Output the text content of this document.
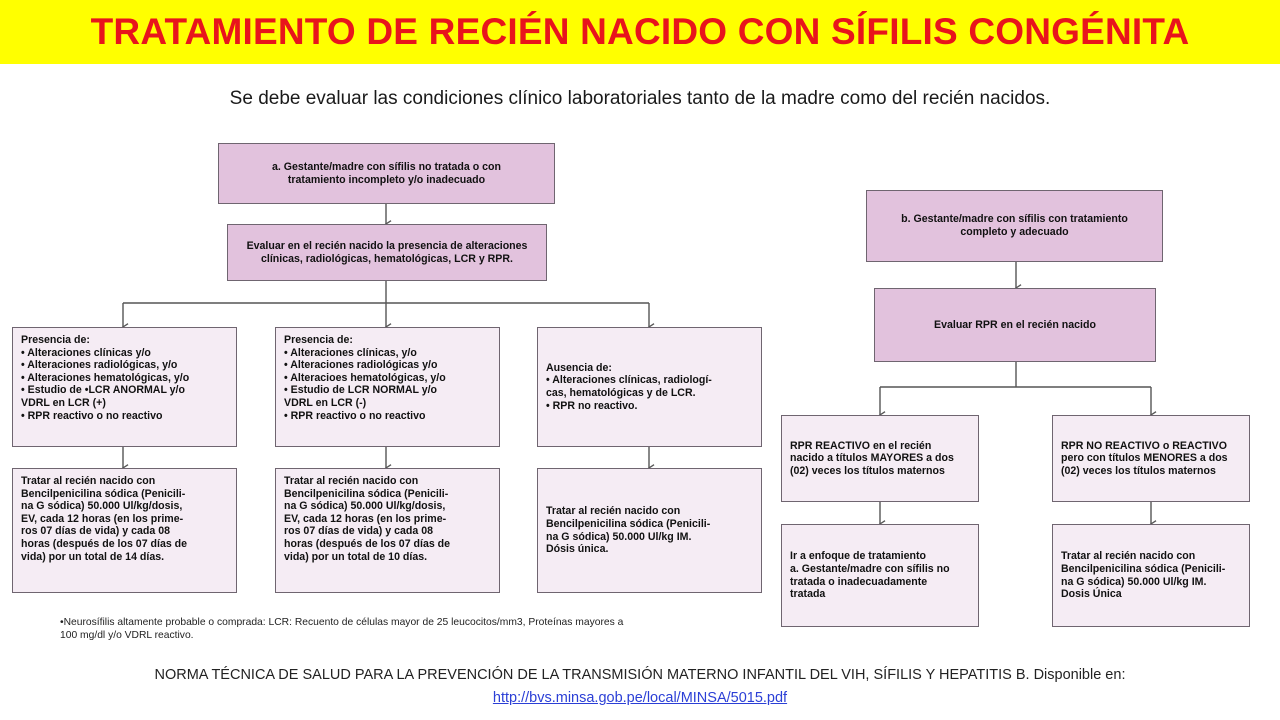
TRATAMIENTO DE RECIÉN NACIDO CON SÍFILIS CONGÉNITA
Se debe evaluar las condiciones clínico laboratoriales tanto de la madre como del recién nacidos.
a. Gestante/madre con sífilis no tratada o con
tratamiento incompleto y/o inadecuado
Evaluar en el recién nacido la presencia de alteraciones
clínicas, radiológicas, hematológicas, LCR y RPR.
Presencia de:
• Alteraciones clínicas y/o
• Alteraciones radiológicas, y/o
• Alteraciones hematológicas, y/o
• Estudio de •LCR ANORMAL y/o
VDRL en LCR (+)
• RPR reactivo o no reactivo
Presencia de:
• Alteraciones clínicas, y/o
• Alteraciones radiológicas y/o
• Alteracioes hematológicas, y/o
• Estudio de LCR NORMAL y/o
VDRL en LCR (-)
• RPR reactivo o no reactivo
Ausencia de:
• Alteraciones clínicas, radiologí-
cas, hematológicas y de LCR.
• RPR no reactivo.
Tratar al recién nacido con
Bencilpenicilina sódica (Penicili-
na G sódica) 50.000 Ul/kg/dosis,
EV, cada 12 horas (en los prime-
ros 07 días de vida) y cada 08
horas (después de los 07 días de
vida) por un total de 14 días.
Tratar al recién nacido con
Bencilpenicilina sódica (Penicili-
na G sódica) 50.000 Ul/kg/dosis,
EV, cada 12 horas (en los prime-
ros 07 días de vida) y cada 08
horas (después de los 07 días de
vida) por un total de 10 días.
Tratar al recién nacido con
Bencilpenicilina sódica (Penicili-
na G sódica) 50.000 Ul/kg IM.
Dósis única.
•Neurosífilis altamente probable o comprada: LCR: Recuento de células mayor de 25 leucocitos/mm3, Proteínas mayores a
100 mg/dl y/o VDRL reactivo.
b. Gestante/madre con sífilis con tratamiento
completo y adecuado
Evaluar RPR en el recién nacido
RPR REACTIVO en el recién
nacido a títulos MAYORES a dos
(02) veces los títulos maternos
RPR NO REACTIVO o REACTIVO
pero con títulos MENORES a dos
(02) veces los títulos maternos
Ir a enfoque de tratamiento
a. Gestante/madre con sífilis no
tratada o inadecuadamente
tratada
Tratar al recién nacido con
Bencilpenicilina sódica (Penicili-
na G sódica) 50.000 Ul/kg IM.
Dosis Única
NORMA TÉCNICA DE SALUD PARA LA PREVENCIÓN DE LA TRANSMISIÓN MATERNO INFANTIL DEL VIH, SÍFILIS Y HEPATITIS B. Disponible en:
http://bvs.minsa.gob.pe/local/MINSA/5015.pdf
